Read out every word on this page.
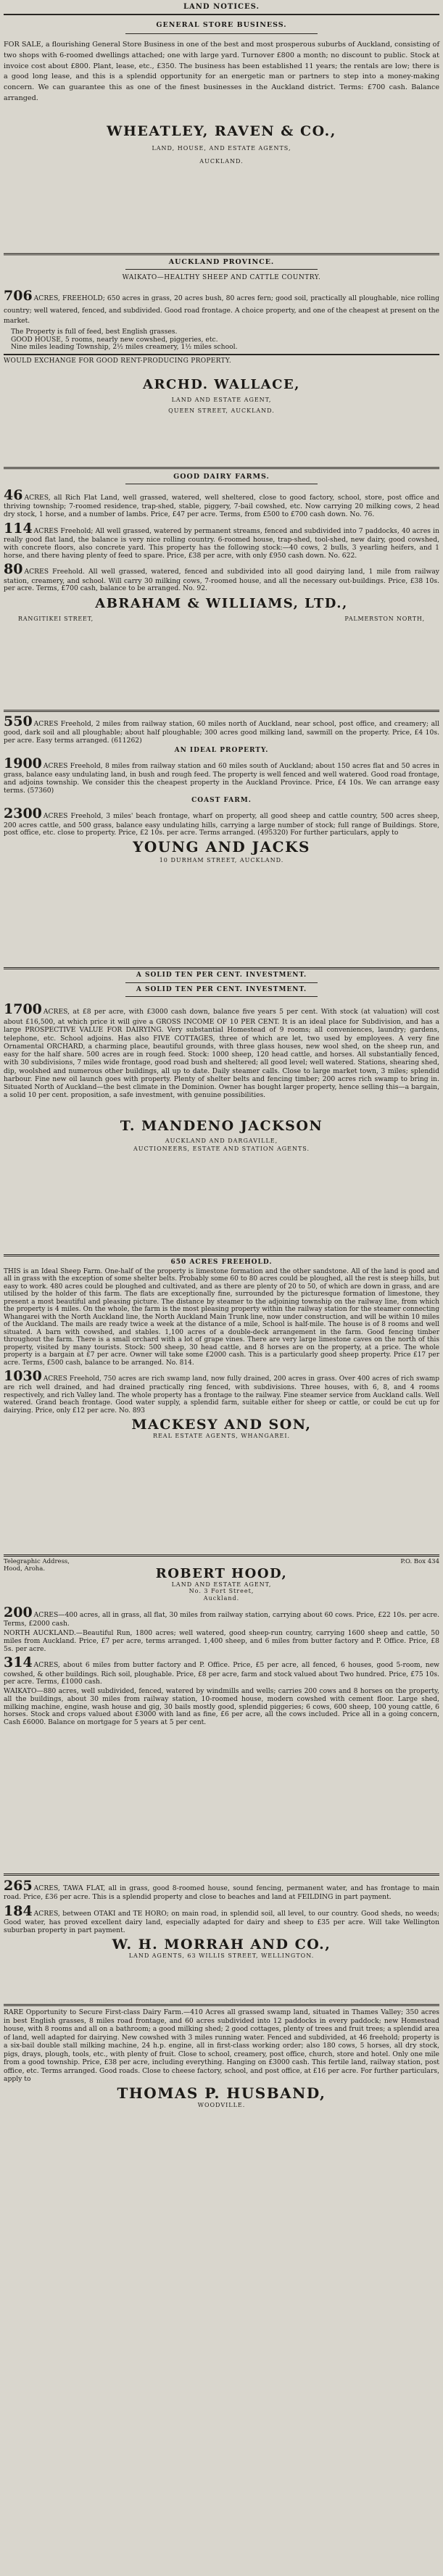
LAND NOTICES.
GENERAL STORE BUSINESS.
FOR SALE, a flourishing General Store Business in one of the best and most prosperous suburbs of Auckland, consisting of two shops with 6-roomed dwellings attached; one with large yard. Turnover £800 a month; no discount to public. Stock at invoice cost about £800. Plant, lease, etc., £350. The business has been established 11 years; the rentals are low; there is a good long lease, and this is a splendid opportunity for an energetic man or partners to step into a money-making concern. We can guarantee this as one of the finest businesses in the Auckland district. Terms: £700 cash. Balance arranged.
WHEATLEY, RAVEN & CO.,
LAND, HOUSE, AND ESTATE AGENTS,
AUCKLAND.
AUCKLAND PROVINCE.
WAIKATO—HEALTHY SHEEP AND CATTLE COUNTRY.
706 ACRES, FREEHOLD; 650 acres in grass, 20 acres bush, 80 acres fern; good soil, practically all ploughable, nice rolling country; well watered, fenced, and subdivided. Good road frontage. A choice property, and one of the cheapest at present on the market.
The Property is full of feed, best English grasses.
GOOD HOUSE, 5 rooms, nearly new cowshed, piggeries, etc.
Nine miles leading Township, 2½ miles creamery, 1½ miles school.
WOULD EXCHANGE FOR GOOD RENT-PRODUCING PROPERTY.
ARCHD. WALLACE,
LAND AND ESTATE AGENT,
QUEEN STREET, AUCKLAND.
GOOD DAIRY FARMS.
46 ACRES, all Rich Flat Land, well grassed, watered, well sheltered, close to good factory, school, store, post office and thriving township; 7-roomed residence, trap-shed, stable, piggery, 7-bail cowshed, etc. Now carrying 20 milking cows, 2 head dry stock, 1 horse, and a number of lambs. Price, £47 per acre. Terms, from £500 to £700 cash down. No. 76.
114 ACRES Freehold; All well grassed, watered by permanent streams, fenced and subdivided into 7 paddocks, 40 acres in really good flat land, the balance is very nice rolling country. 6-roomed house, trap-shed, tool-shed, new dairy, good cowshed, with concrete floors, also concrete yard. This property has the following stock:—40 cows, 2 bulls, 3 yearling heifers, and 1 horse, and there having plenty of feed to spare. Price, £38 per acre, with only £950 cash down. No. 622.
80 ACRES Freehold. All well grassed, watered, fenced and subdivided into all good dairying land, 1 mile from railway station, creamery, and school. Will carry 30 milking cows, 7-roomed house, and all the necessary out-buildings. Price, £38 10s. per acre. Terms, £700 cash, balance to be arranged. No. 92.
ABRAHAM & WILLIAMS, LTD.,
RANGITIKEI STREET,	PALMERSTON NORTH,
550 ACRES Freehold, 2 miles from railway station, 60 miles north of Auckland, near school, post office, and creamery; all good, dark soil and all ploughable; about half ploughable; 300 acres good milking land, sawmill on the property. Price, £4 10s. per acre. Easy terms arranged. (611262)
AN IDEAL PROPERTY.
1900 ACRES Freehold, 8 miles from railway station and 60 miles south of Auckland; about 150 acres flat and 50 acres in grass, balance easy undulating land, in bush and rough feed. The property is well fenced and well watered. Good road frontage, and adjoins township. We consider this the cheapest property in the Auckland Province. Price, £4 10s. We can arrange easy terms. (57360)
COAST FARM.
2300 ACRES Freehold, 3 miles' beach frontage, wharf on property, all good sheep and cattle country, 500 acres sheep, 200 acres cattle, and 500 grass, balance easy undulating hills, carrying a large number of stock; full range of Buildings. Store, post office, etc. close to property. Price, £2 10s. per acre. Terms arranged. (495320) For further particulars, apply to
YOUNG AND JACKS
10 DURHAM STREET, AUCKLAND.
A SOLID TEN PER CENT. INVESTMENT.
A SOLID TEN PER CENT. INVESTMENT.
1700 ACRES, at £8 per acre, with £3000 cash down, balance five years 5 per cent. With stock (at valuation) will cost about £16,500, at which price it will give a GROSS INCOME OF 10 PER CENT. It is an ideal place for Subdivision, and has a large PROSPECTIVE VALUE FOR DAIRYING. Very substantial Homestead of 9 rooms; all conveniences, laundry; gardens, telephone, etc. School adjoins. Has also FIVE COTTAGES, three of which are let, two used by employees. A very fine Ornamental ORCHARD, a charming place, beautiful grounds, with three glass houses, new wool shed, on the sheep run, and easy for the half share. 500 acres are in rough feed. Stock: 1000 sheep, 120 head cattle, and horses. All substantially fenced, with 30 subdivisions, 7 miles wide frontage, good road bush and sheltered; all good level; well watered. Stations, shearing shed, dip, woolshed and numerous other buildings, all up to date. Daily steamer calls. Close to large market town, 3 miles; splendid harbour. Fine new oil launch goes with property. Plenty of shelter belts and fencing timber; 200 acres rich swamp to bring in. Situated North of Auckland—the best climate in the Dominion. Owner has bought larger property, hence selling this—a bargain, a solid 10 per cent. proposition, a safe investment, with genuine possibilities.
T. MANDENO JACKSON
AUCKLAND AND DARGAVILLE,
AUCTIONEERS, ESTATE AND STATION AGENTS.
650 ACRES FREEHOLD.
THIS is an Ideal Sheep Farm. One-half of the property is limestone formation and the other sandstone. All of the land is good and all in grass with the exception of some shelter belts. Probably some 60 to 80 acres could be ploughed, all the rest is steep hills, but easy to work. 480 acres could be ploughed and cultivated, and as there are plenty of 20 to 50, of which are down in grass, and are utilised by the holder of this farm. The flats are exceptionally fine, surrounded by the picturesque formation of limestone, they present a most beautiful and pleasing picture. The distance by steamer to the adjoining township on the railway line, from which the property is 4 miles. On the whole, the farm is the most pleasing property within the railway station for the steamer connecting Whangarei with the North Auckland line, the North Auckland Main Trunk line, now under construction, and will be within 10 miles of the Auckland. The mails are ready twice a week at the distance of a mile, School is half-mile. The house is of 8 rooms and well situated. A barn with cowshed, and stables. 1,100 acres of a double-deck arrangement in the farm. Good fencing timber throughout the farm. There is a small orchard with a lot of grape vines. There are very large limestone caves on the north of this property, visited by many tourists. Stock: 500 sheep, 30 head cattle, and 8 horses are on the property, at a price. The whole property is a bargain at £7 per acre. Owner will take some £2000 cash. This is a particularly good sheep property. Price £17 per acre. Terms, £500 cash, balance to be arranged. No. 814.
1030 ACRES Freehold, 750 acres are rich swamp land, now fully drained, 200 acres in grass. Over 400 acres of rich swamp are rich well drained, and had drained practically ring fenced, with subdivisions. Three houses, with 6, 8, and 4 rooms respectively, and rich Valley land. The whole property has a frontage to the railway. Fine steamer service from Auckland calls. Well watered. Grand beach frontage. Good water supply, a splendid farm, suitable either for sheep or cattle, or could be cut up for dairying. Price, only £12 per acre. No. 893
MACKESY AND SON,
REAL ESTATE AGENTS, WHANGAREI.
Telegraphic Address,	P.O. Box 434
Hood, Aroha.	ROBERT HOOD,
LAND AND ESTATE AGENT,
No. 3 Fort Street,
Auckland.
200 ACRES—400 acres, all in grass, all flat, 30 miles from railway station, carrying about 60 cows. Price, £22 10s. per acre. Terms, £2000 cash.
NORTH AUCKLAND.—Beautiful Run, 1800 acres; well watered, good sheep-run country, carrying 1600 sheep and cattle, 50 miles from Auckland. Price, £7 per acre, terms arranged. 1,400 sheep, and 6 miles from butter factory and P. Office. Price, £8 5s. per acre.
314 ACRES, about 6 miles from butter factory and P. Office. Price, £5 per acre, all fenced, 6 houses, good 5-room, new cowshed, & other buildings. Rich soil, ploughable. Price, £8 per acre, farm and stock valued about Two hundred. Price, £75 10s. per acre. Terms, £1000 cash.
WAIKATO—880 acres, well subdivided, fenced, watered by windmills and wells; carries 200 cows and 8 horses on the property, all the buildings, about 30 miles from railway station, 10-roomed house, modern cowshed with cement floor. Large shed, milking machine, engine, wash house and gig, 30 bails mostly good, splendid piggeries; 6 cows, 600 sheep, 100 young cattle, 6 horses. Stock and crops valued about £3000 with land as fine, £6 per acre, all the cows included. Price all in a going concern, Cash £6000. Balance on mortgage for 5 years at 5 per cent.
265 ACRES, TAWA FLAT, all in grass, good 8-roomed house, sound fencing, permanent water, and has frontage to main road. Price, £36 per acre. This is a splendid property and close to beaches and land at FEILDING in part payment.
184 ACRES, between OTAKI and TE HORO; on main road, in splendid soil, all level, to our country. Good sheds, no weeds; Good water, has proved excellent dairy land, especially adapted for dairy and sheep to £35 per acre. Will take Wellington suburban property in part payment.
W. H. MORRAH AND CO.,
LAND AGENTS, 63 WILLIS STREET, WELLINGTON.
RARE Opportunity to Secure First-class Dairy Farm.—410 Acres all grassed swamp land, situated in Thames Valley; 350 acres in best English grasses, 8 miles road frontage, and 60 acres subdivided into 12 paddocks in every paddock; new Homestead house, with 8 rooms and all on a bathroom; a good milking shed; 2 good cottages, plenty of trees and fruit trees; a splendid area of land, well adapted for dairying. New cowshed with 3 miles running water. Fenced and subdivided, at 46 freehold; property is a six-bail double stall milking machine, 24 h.p. engine, all in first-class working order; also 180 cows, 5 horses, all dry stock, pigs, drays, plough, tools, etc., with plenty of fruit. Close to school, creamery, post office, church, store and hotel. Only one mile from a good township. Price, £38 per acre, including everything. Hanging on £3000 cash. This fertile land, railway station, post office, etc. Terms arranged. Good roads. Close to cheese factory, school, and post office, at £16 per acre. For further particulars, apply to
THOMAS P. HUSBAND,
WOODVILLE.
